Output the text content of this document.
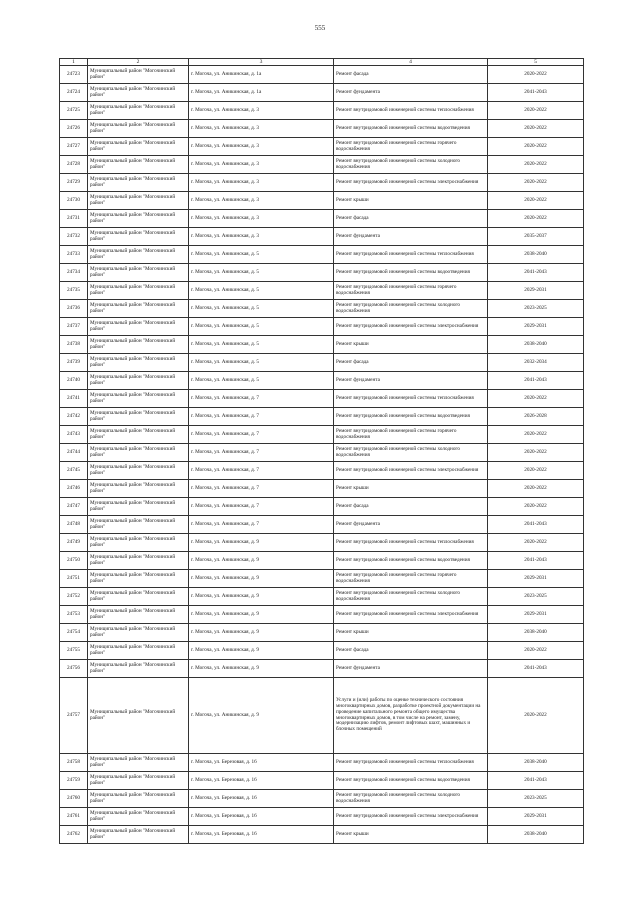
555
1	2	3	4	5
24723	Муниципальный район "Могочинский район"	г. Могоча, ул. Аникинская, д. 1а	Ремонт фасада	2020-2022
24724	Муниципальный район "Могочинский район"	г. Могоча, ул. Аникинская, д. 1а	Ремонт фундамента	2041-2043
24725	Муниципальный район "Могочинский район"	г. Могоча, ул. Аникинская, д. 3	Ремонт внутридомовой инженерной системы теплоснабжения	2020-2022
24726	Муниципальный район "Могочинский район"	г. Могоча, ул. Аникинская, д. 3	Ремонт внутридомовой инженерной системы водоотведения	2020-2022
24727	Муниципальный район "Могочинский район"	г. Могоча, ул. Аникинская, д. 3	Ремонт внутридомовой инженерной системы горячего водоснабжения	2020-2022
24728	Муниципальный район "Могочинский район"	г. Могоча, ул. Аникинская, д. 3	Ремонт внутридомовой инженерной системы холодного водоснабжения	2020-2022
24729	Муниципальный район "Могочинский район"	г. Могоча, ул. Аникинская, д. 3	Ремонт внутридомовой инженерной системы электроснабжения	2020-2022
24730	Муниципальный район "Могочинский район"	г. Могоча, ул. Аникинская, д. 3	Ремонт крыши	2020-2022
24731	Муниципальный район "Могочинский район"	г. Могоча, ул. Аникинская, д. 3	Ремонт фасада	2020-2022
24732	Муниципальный район "Могочинский район"	г. Могоча, ул. Аникинская, д. 3	Ремонт фундамента	2035-2037
24733	Муниципальный район "Могочинский район"	г. Могоча, ул. Аникинская, д. 5	Ремонт внутридомовой инженерной системы теплоснабжения	2038-2040
24734	Муниципальный район "Могочинский район"	г. Могоча, ул. Аникинская, д. 5	Ремонт внутридомовой инженерной системы водоотведения	2041-2043
24735	Муниципальный район "Могочинский район"	г. Могоча, ул. Аникинская, д. 5	Ремонт внутридомовой инженерной системы горячего водоснабжения	2029-2031
24736	Муниципальный район "Могочинский район"	г. Могоча, ул. Аникинская, д. 5	Ремонт внутридомовой инженерной системы холодного водоснабжения	2023-2025
24737	Муниципальный район "Могочинский район"	г. Могоча, ул. Аникинская, д. 5	Ремонт внутридомовой инженерной системы электроснабжения	2029-2031
24738	Муниципальный район "Могочинский район"	г. Могоча, ул. Аникинская, д. 5	Ремонт крыши	2038-2040
24739	Муниципальный район "Могочинский район"	г. Могоча, ул. Аникинская, д. 5	Ремонт фасада	2032-2034
24740	Муниципальный район "Могочинский район"	г. Могоча, ул. Аникинская, д. 5	Ремонт фундамента	2041-2043
24741	Муниципальный район "Могочинский район"	г. Могоча, ул. Аникинская, д. 7	Ремонт внутридомовой инженерной системы теплоснабжения	2020-2022
24742	Муниципальный район "Могочинский район"	г. Могоча, ул. Аникинская, д. 7	Ремонт внутридомовой инженерной системы водоотведения	2026-2028
24743	Муниципальный район "Могочинский район"	г. Могоча, ул. Аникинская, д. 7	Ремонт внутридомовой инженерной системы горячего водоснабжения	2020-2022
24744	Муниципальный район "Могочинский район"	г. Могоча, ул. Аникинская, д. 7	Ремонт внутридомовой инженерной системы холодного водоснабжения	2020-2022
24745	Муниципальный район "Могочинский район"	г. Могоча, ул. Аникинская, д. 7	Ремонт внутридомовой инженерной системы электроснабжения	2020-2022
24746	Муниципальный район "Могочинский район"	г. Могоча, ул. Аникинская, д. 7	Ремонт крыши	2020-2022
24747	Муниципальный район "Могочинский район"	г. Могоча, ул. Аникинская, д. 7	Ремонт фасада	2020-2022
24748	Муниципальный район "Могочинский район"	г. Могоча, ул. Аникинская, д. 7	Ремонт фундамента	2041-2043
24749	Муниципальный район "Могочинский район"	г. Могоча, ул. Аникинская, д. 9	Ремонт внутридомовой инженерной системы теплоснабжения	2020-2022
24750	Муниципальный район "Могочинский район"	г. Могоча, ул. Аникинская, д. 9	Ремонт внутридомовой инженерной системы водоотведения	2041-2043
24751	Муниципальный район "Могочинский район"	г. Могоча, ул. Аникинская, д. 9	Ремонт внутридомовой инженерной системы горячего водоснабжения	2029-2031
24752	Муниципальный район "Могочинский район"	г. Могоча, ул. Аникинская, д. 9	Ремонт внутридомовой инженерной системы холодного водоснабжения	2023-2025
24753	Муниципальный район "Могочинский район"	г. Могоча, ул. Аникинская, д. 9	Ремонт внутридомовой инженерной системы электроснабжения	2029-2031
24754	Муниципальный район "Могочинский район"	г. Могоча, ул. Аникинская, д. 9	Ремонт крыши	2038-2040
24755	Муниципальный район "Могочинский район"	г. Могоча, ул. Аникинская, д. 9	Ремонт фасада	2020-2022
24756	Муниципальный район "Могочинский район"	г. Могоча, ул. Аникинская, д. 9	Ремонт фундамента	2041-2043
24757	Муниципальный район "Могочинский район"	г. Могоча, ул. Аникинская, д. 9	Услуги и (или) работы по оценке технического состояния многоквартирных домов, разработке проектной документации на проведение капитального ремонта общего имущества многоквартирных домов, в том числе на ремонт, замену, модернизацию лифтов, ремонт лифтовых шахт, машинных и блочных помещений	2020-2022
24758	Муниципальный район "Могочинский район"	г. Могоча, ул. Березовая, д. 16	Ремонт внутридомовой инженерной системы теплоснабжения	2038-2040
24759	Муниципальный район "Могочинский район"	г. Могоча, ул. Березовая, д. 16	Ремонт внутридомовой инженерной системы водоотведения	2041-2043
24760	Муниципальный район "Могочинский район"	г. Могоча, ул. Березовая, д. 16	Ремонт внутридомовой инженерной системы холодного водоснабжения	2023-2025
24761	Муниципальный район "Могочинский район"	г. Могоча, ул. Березовая, д. 16	Ремонт внутридомовой инженерной системы электроснабжения	2029-2031
24762	Муниципальный район "Могочинский район"	г. Могоча, ул. Березовая, д. 16	Ремонт крыши	2038-2040
